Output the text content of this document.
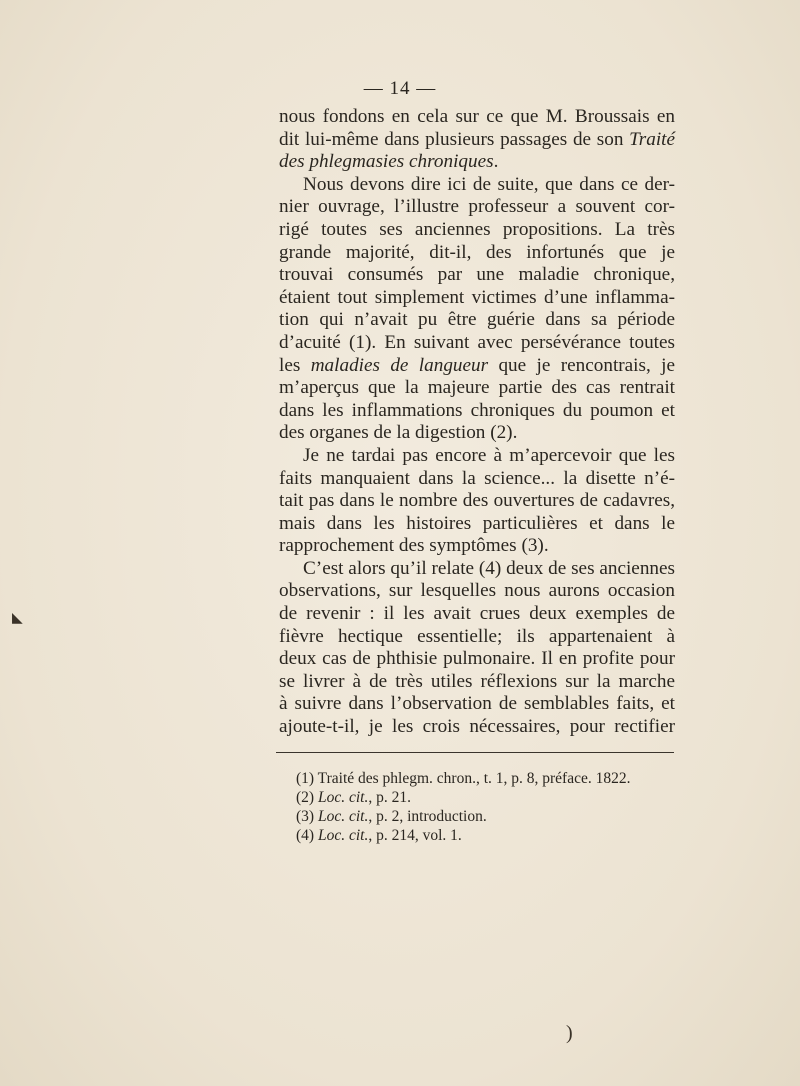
— 14 —

nous fondons en cela sur ce que M. Broussais en

dit lui-même dans plusieurs passages de son Traité

des phlegmasies chroniques.

Nous devons dire ici de suite, que dans ce der-

nier ouvrage, l’illustre professeur a souvent cor-

rigé toutes ses anciennes propositions. La très

grande majorité, dit-il, des infortunés que je

trouvai consumés par une maladie chronique,

étaient tout simplement victimes d’une inflamma-

tion qui n’avait pu être guérie dans sa période

d’acuité (1). En suivant avec persévérance toutes

les maladies de langueur que je rencontrais, je

m’aperçus que la majeure partie des cas rentrait

dans les inflammations chroniques du poumon et

des organes de la digestion (2).

Je ne tardai pas encore à m’apercevoir que les

faits manquaient dans la science... la disette n’é-

tait pas dans le nombre des ouvertures de cadavres,

mais dans les histoires particulières et dans le

rapprochement des symptômes (3).

C’est alors qu’il relate (4) deux de ses anciennes

observations, sur lesquelles nous aurons occasion

de revenir : il les avait crues deux exemples de

fièvre hectique essentielle; ils appartenaient à

deux cas de phthisie pulmonaire. Il en profite pour

se livrer à de très utiles réflexions sur la marche

à suivre dans l’observation de semblables faits, et

ajoute-t-il, je les crois nécessaires, pour rectifier

(1) Traité des phlegm. chron., t. 1, p. 8, préface. 1822.
(2) Loc. cit., p. 21.
(3) Loc. cit., p. 2, introduction.
(4) Loc. cit., p. 214, vol. 1.
◣
)
